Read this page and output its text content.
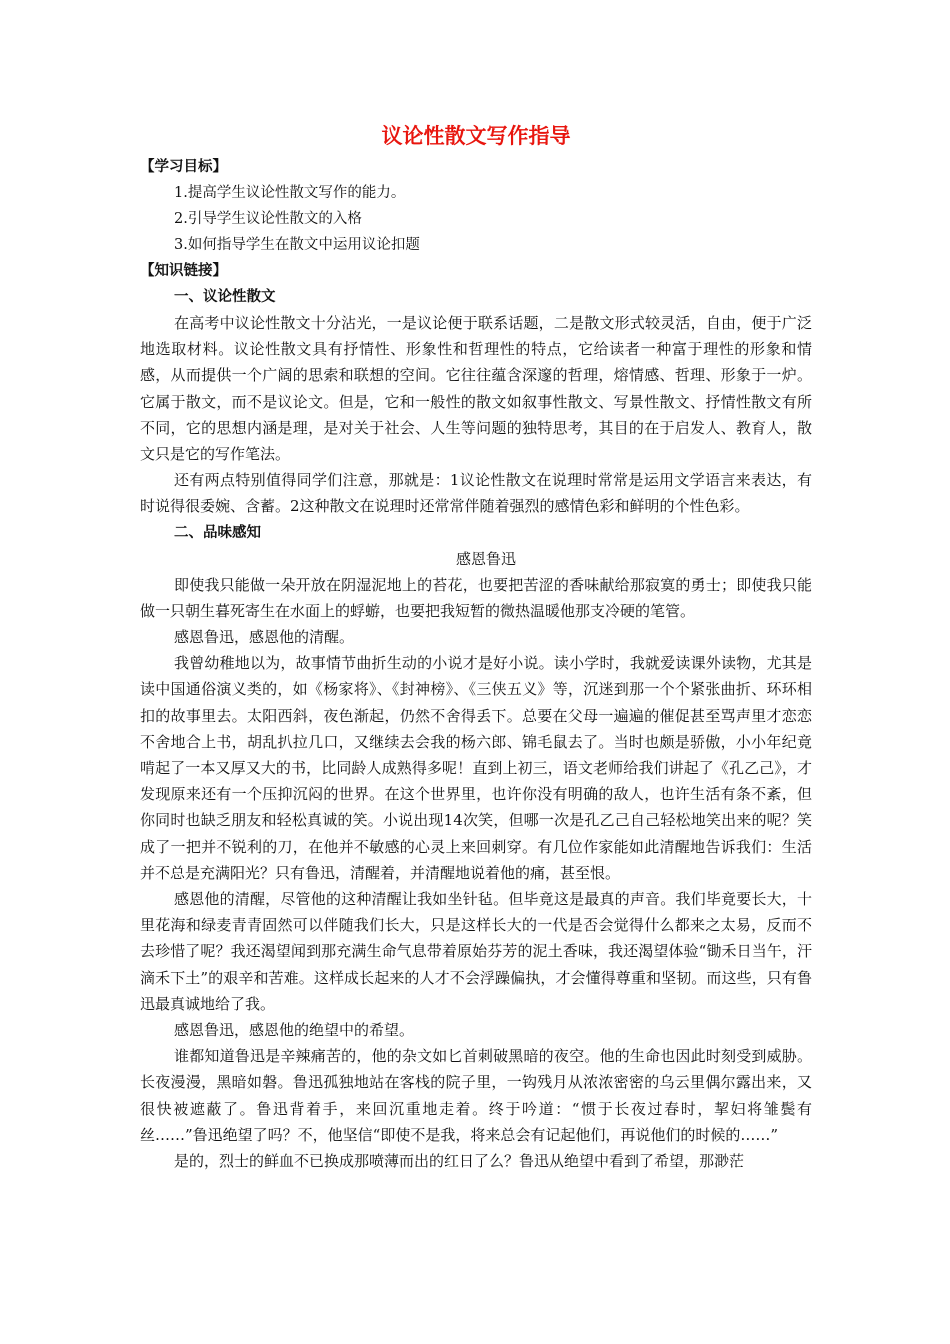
议论性散文写作指导

【学习目标】

1.提高学生议论性散文写作的能力。

2.引导学生议论性散文的入格

3.如何指导学生在散文中运用议论扣题

【知识链接】

一、议论性散文

在高考中议论性散文十分沾光，一是议论便于联系话题，二是散文形式较灵活，自由，便于广泛地选取材料。议论性散文具有抒情性、形象性和哲理性的特点，它给读者一种富于理性的形象和情感，从而提供一个广阔的思索和联想的空间。它往往蕴含深邃的哲理，熔情感、哲理、形象于一炉。它属于散文，而不是议论文。但是，它和一般性的散文如叙事性散文、写景性散文、抒情性散文有所不同，它的思想内涵是理，是对关于社会、人生等问题的独特思考，其目的在于启发人、教育人，散文只是它的写作笔法。

还有两点特别值得同学们注意，那就是：1议论性散文在说理时常常是运用文学语言来表达，有时说得很委婉、含蓄。2这种散文在说理时还常常伴随着强烈的感情色彩和鲜明的个性色彩。

二、品味感知

感恩鲁迅

即使我只能做一朵开放在阴湿泥地上的苔花，也要把苦涩的香味献给那寂寞的勇士；即使我只能做一只朝生暮死寄生在水面上的蜉蝣，也要把我短暂的微热温暖他那支冷硬的笔管。

感恩鲁迅，感恩他的清醒。

我曾幼稚地以为，故事情节曲折生动的小说才是好小说。读小学时，我就爱读课外读物，尤其是读中国通俗演义类的，如《杨家将》、《封神榜》、《三侠五义》等，沉迷到那一个个紧张曲折、环环相扣的故事里去。太阳西斜，夜色渐起，仍然不舍得丢下。总要在父母一遍遍的催促甚至骂声里才恋恋不舍地合上书，胡乱扒拉几口，又继续去会我的杨六郎、锦毛鼠去了。当时也颇是骄傲，小小年纪竟啃起了一本又厚又大的书，比同龄人成熟得多呢！直到上初三，语文老师给我们讲起了《孔乙己》，才发现原来还有一个压抑沉闷的世界。在这个世界里，也许你没有明确的敌人，也许生活有条不紊，但你同时也缺乏朋友和轻松真诚的笑。小说出现14次笑，但哪一次是孔乙己自己轻松地笑出来的呢？笑成了一把并不锐利的刀，在他并不敏感的心灵上来回刺穿。有几位作家能如此清醒地告诉我们：生活并不总是充满阳光？只有鲁迅，清醒着，并清醒地说着他的痛，甚至恨。

感恩他的清醒，尽管他的这种清醒让我如坐针毡。但毕竟这是最真的声音。我们毕竟要长大，十里花海和绿麦青青固然可以伴随我们长大，只是这样长大的一代是否会觉得什么都来之太易，反而不去珍惜了呢？我还渴望闻到那充满生命气息带着原始芬芳的泥土香味，我还渴望体验“锄禾日当午，汗滴禾下土”的艰辛和苦难。这样成长起来的人才不会浮躁偏执，才会懂得尊重和坚韧。而这些，只有鲁迅最真诚地给了我。

感恩鲁迅，感恩他的绝望中的希望。

谁都知道鲁迅是辛辣痛苦的，他的杂文如匕首刺破黑暗的夜空。他的生命也因此时刻受到威胁。长夜漫漫，黑暗如磐。鲁迅孤独地站在客栈的院子里，一钩残月从浓浓密密的乌云里偶尔露出来，又很快被遮蔽了。鲁迅背着手，来回沉重地走着。终于吟道：“惯于长夜过春时，挈妇将雏鬓有丝……”鲁迅绝望了吗？不，他坚信“即使不是我，将来总会有记起他们，再说他们的时候的……”

是的，烈士的鲜血不已换成那喷薄而出的红日了么？鲁迅从绝望中看到了希望，那渺茫
